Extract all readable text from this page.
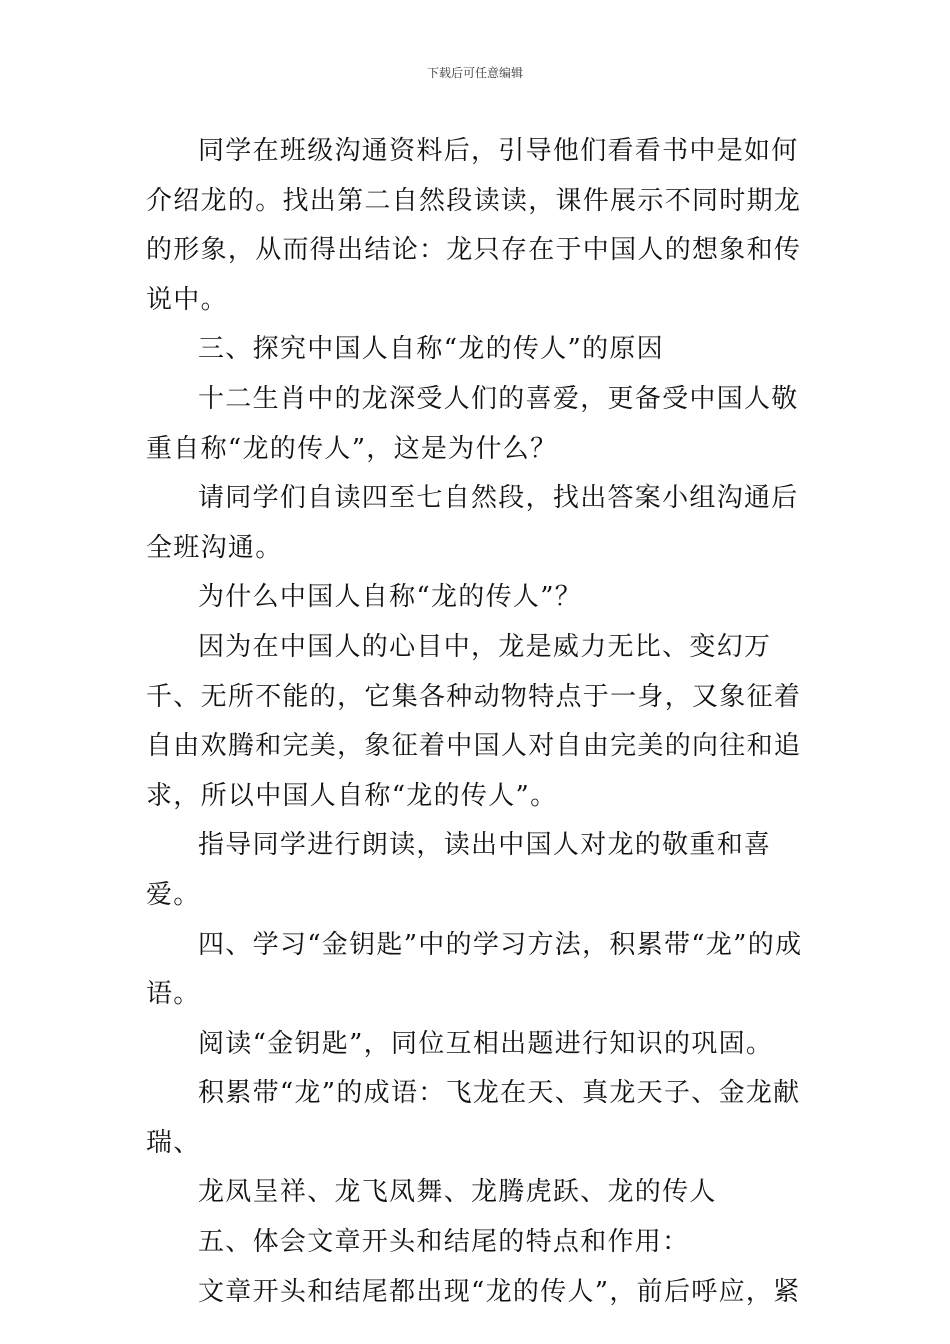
下载后可任意编辑

同学在班级沟通资料后，引导他们看看书中是如何介绍龙的。找出第二自然段读读，课件展示不同时期龙的形象，从而得出结论：龙只存在于中国人的想象和传说中。

三、探究中国人自称“龙的传人”的原因

十二生肖中的龙深受人们的喜爱，更备受中国人敬重自称“龙的传人”，这是为什么？

请同学们自读四至七自然段，找出答案小组沟通后全班沟通。

为什么中国人自称“龙的传人”？

因为在中国人的心目中，龙是威力无比、变幻万千、无所不能的，它集各种动物特点于一身，又象征着自由欢腾和完美，象征着中国人对自由完美的向往和追求，所以中国人自称“龙的传人”。

指导同学进行朗读，读出中国人对龙的敬重和喜爱。

四、学习“金钥匙”中的学习方法，积累带“龙”的成语。

阅读“金钥匙”，同位互相出题进行知识的巩固。

积累带“龙”的成语：飞龙在天、真龙天子、金龙献瑞、

龙凤呈祥、龙飞凤舞、龙腾虎跃、龙的传人

五、体会文章开头和结尾的特点和作用：

文章开头和结尾都出现“龙的传人”，前后呼应，紧
